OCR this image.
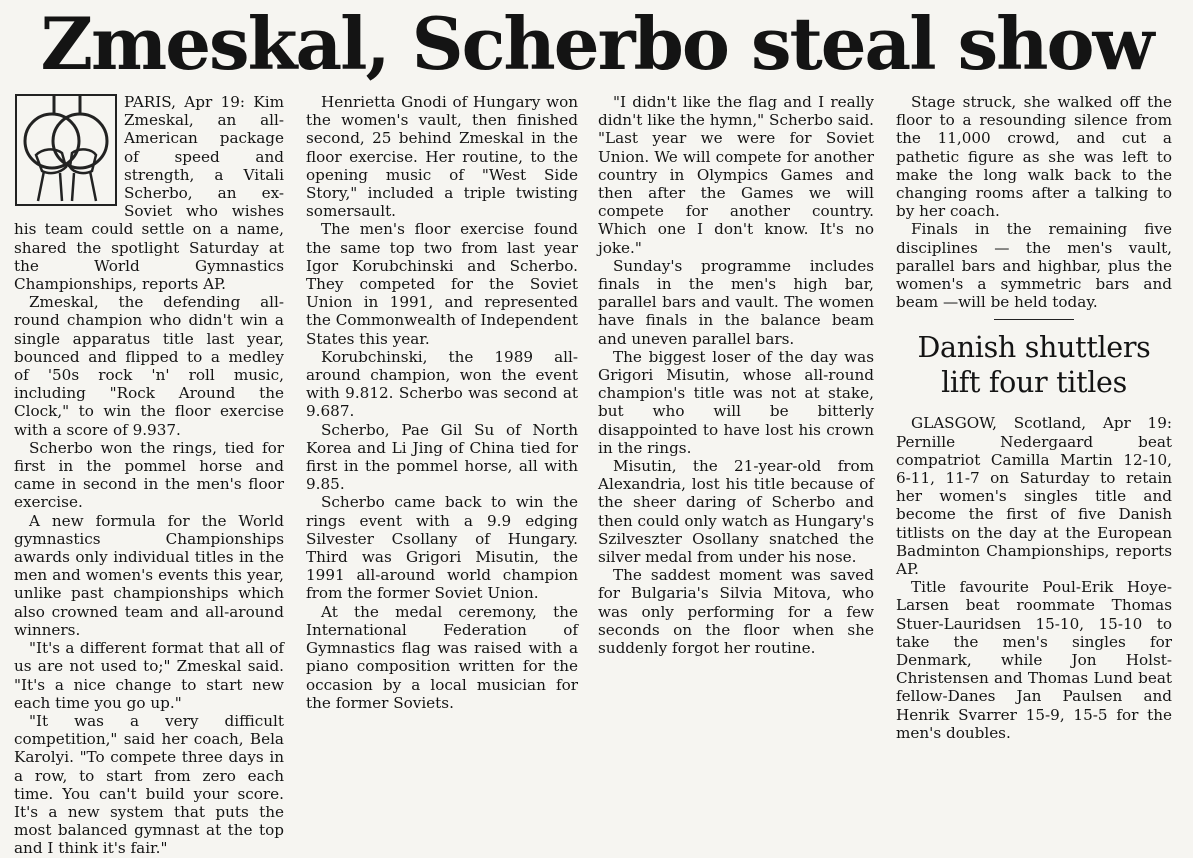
Zmeskal, Scherbo steal show

PARIS, Apr 19: Kim Zmeskal, an all-American package of speed and strength, a Vitali Scherbo, an ex-Soviet who wishes his team could settle on a name, shared the spotlight Saturday at the World Gymnastics Championships, reports AP.

Zmeskal, the defending all-round champion who didn't win a single apparatus title last year, bounced and flipped to a medley of '50s rock 'n' roll music, including "Rock Around the Clock," to win the floor exercise with a score of 9.937.

Scherbo won the rings, tied for first in the pommel horse and came in second in the men's floor exercise.

A new formula for the World gymnastics Championships awards only individual titles in the men and women's events this year, unlike past championships which also crowned team and all-around winners.

"It's a different format that all of us are not used to;" Zmeskal said. "It's a nice change to start new each time you go up."

"It was a very difficult competition," said her coach, Bela Karolyi. "To compete three days in a row, to start from zero each time. You can't build your score. It's a new system that puts the most balanced gymnast at the top and I think it's fair."

Henrietta Gnodi of Hungary won the women's vault, then finished second, 25 behind Zmeskal in the floor exercise. Her routine, to the opening music of "West Side Story," included a triple twisting somersault.

The men's floor exercise found the same top two from last year Igor Korubchinski and Scherbo. They competed for the Soviet Union in 1991, and represented the Commonwealth of Independent States this year.

Korubchinski, the 1989 all-around champion, won the event with 9.812. Scherbo was second at 9.687.

Scherbo, Pae Gil Su of North Korea and Li Jing of China tied for first in the pommel horse, all with 9.85.

Scherbo came back to win the rings event with a 9.9 edging Silvester Csollany of Hungary. Third was Grigori Misutin, the 1991 all-around world champion from the former Soviet Union.

At the medal ceremony, the International Federation of Gymnastics flag was raised with a piano composition written for the occasion by a local musician for the former Soviets.

"I didn't like the flag and I really didn't like the hymn," Scherbo said. "Last year we were for Soviet Union. We will compete for another country in Olympics Games and then after the Games we will compete for another country. Which one I don't know. It's no joke."

Sunday's programme includes finals in the men's high bar, parallel bars and vault. The women have finals in the balance beam and uneven parallel bars.

The biggest loser of the day was Grigori Misutin, whose all-round champion's title was not at stake, but who will be bitterly disappointed to have lost his crown in the rings.

Misutin, the 21-year-old from Alexandria, lost his title because of the sheer daring of Scherbo and then could only watch as Hungary's Szilveszter Osollany snatched the silver medal from under his nose.

The saddest moment was saved for Bulgaria's Silvia Mitova, who was only performing for a few seconds on the floor when she suddenly forgot her routine.

Stage struck, she walked off the floor to a resounding silence from the 11,000 crowd, and cut a pathetic figure as she was left to make the long walk back to the changing rooms after a talking to by her coach.

Finals in the remaining five disciplines — the men's vault, parallel bars and highbar, plus the women's a symmetric bars and beam —will be held today.

Danish shuttlers
lift four titles

GLASGOW, Scotland, Apr 19: Pernille Nedergaard beat compatriot Camilla Martin 12-10, 6-11, 11-7 on Saturday to retain her women's singles title and become the first of five Danish titlists on the day at the European Badminton Championships, reports AP.

Title favourite Poul-Erik Hoye-Larsen beat roommate Thomas Stuer-Lauridsen 15-10, 15-10 to take the men's singles for Denmark, while Jon Holst-Christensen and Thomas Lund beat fellow-Danes Jan Paulsen and Henrik Svarrer 15-9, 15-5 for the men's doubles.
